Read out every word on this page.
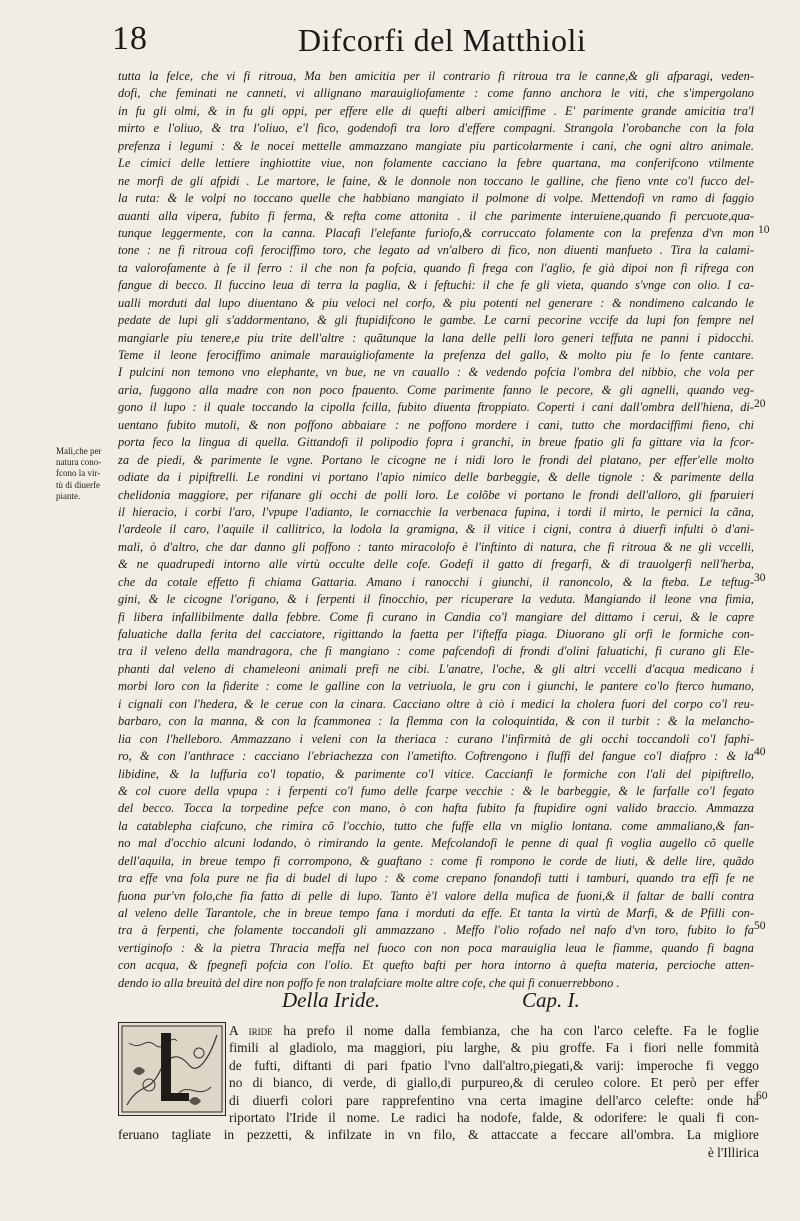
18	Difcorfi del Matthioli
tutta la felce, che vi fi ritroua, Ma ben amicitia per il contrario fi ritroua tra le canne,& gli afparagi, veden-
dofi, che feminati ne canneti, vi allignano marauigliofamente : come fanno anchora le viti, che s'impergolano
in fu gli olmi, & in fu gli oppi, per effere elle di quefti alberi amiciffime . E' parimente grande amicitia tra'l
mirto e l'oliuo, & tra l'oliuo, e'l fico, godendofi tra loro d'effere compagni. Strangola l'orobanche con la fola
prefenza i legumi : & le nocei mettelle ammazzano mangiate piu particolarmente i cani, che ogni altro animale.
Le cimici delle lettiere inghiottite viue, non folamente cacciano la febre quartana, ma conferifcono vtilmente
ne morfi de gli afpidi . Le martore, le faine, & le donnole non toccano le galline, che fieno vnte co'l fucco del-
la ruta: & le volpi no toccano quelle che habbiano mangiato il polmone di volpe. Mettendofi vn ramo di faggio
auanti alla vipera, fubito fi ferma, & refta come attonita . il che parimente interuiene,quando fi percuote,qua-
tunque leggermente, con la canna. Placafi l'elefante furiofo,& corruccato folamente con la prefenza d'vn mon
tone : ne fi ritroua cofi ferociffimo toro, che legato ad vn'albero di fico, non diuenti manfueto . Tira la calami-
ta valorofamente à fe il ferro : il che non fa pofcia, quando fi frega con l'aglio, fe già dipoi non fi rifrega con
fangue di becco. Il fuccino leua di terra la paglia, & i feftuchi: il che fe gli vieta, quando s'vnge con olio. I ca-
ualli morduti dal lupo diuentano & piu veloci nel corfo, & piu potenti nel generare : & nondimeno calcando le
pedate de lupi gli s'addormentano, & gli ftupidifcono le gambe. Le carni pecorine vccife da lupi fon fempre nel
mangiarle piu tenere,e piu trite dell'altre : quãtunque la lana delle pelli loro generi teffuta ne panni i pidocchi.
Teme il leone ferociffimo animale marauigliofamente la prefenza del gallo, & molto piu fe lo fente cantare.
I pulcini non temono vno elephante, vn bue, ne vn cauallo : & vedendo pofcia l'ombra del nibbio, che vola per
aria, fuggono alla madre con non poco fpauento. Come parimente fanno le pecore, & gli agnelli, quando veg-
gono il lupo : il quale toccando la cipolla fcilla, fubito diuenta ftroppiato. Coperti i cani dall'ombra dell'hiena, di-
uentano fubito mutoli, & non poffono abbaiare : ne poffono mordere i cani, tutto che mordaciffimi fieno, chi
porta feco la lingua di quella. Gittandofi il polipodio fopra i granchi, in breue fpatio gli fa gittare via la fcor-
za de piedi, & parimente le vgne. Portano le cicogne ne i nidi loro le frondi del platano, per effer'elle molto
odiate da i pipiftrelli. Le rondini vi portano l'apio nimico delle barbeggie, & delle tignole : & parimente della
chelidonia maggiore, per rifanare gli occhi de polli loro. Le colõbe vi portano le frondi dell'alloro, gli fparuieri
il hieracio, i corbi l'aro, l'vpupe l'adianto, le cornacchie la verbenaca fupina, i tordi il mirto, le pernici la cãna,
l'ardeole il caro, l'aquile il callitrico, la lodola la gramigna, & il vitice i cigni, contra à diuerfi infulti ò d'ani-
mali, ò d'altro, che dar danno gli poffono : tanto miracolofo è l'inftinto di natura, che fi ritroua & ne gli vccelli,
& ne quadrupedi intorno alle virtù occulte delle cofe. Godefi il gatto di fregarfi, & di trauolgerfi nell'herba,
che da cotale effetto fi chiama Gattaria. Amano i ranocchi i giunchi, il ranoncolo, & la fteba. Le teftug-
gini, & le cicogne l'origano, & i ferpenti il finocchio, per ricuperare la veduta. Mangiando il leone vna fimia,
fi libera infallibilmente dalla febbre. Come fi curano in Candia co'l mangiare del dittamo i cerui, & le capre
faluatiche dalla ferita del cacciatore, rigittando la faetta per l'ifteffa piaga. Diuorano gli orfi le formiche con-
tra il veleno della mandragora, che fi mangiano : come pafcendofi di frondi d'olini faluatichi, fi curano gli Ele-
phanti dal veleno di chameleoni animali prefi ne cibi. L'anatre, l'oche, & gli altri vccelli d'acqua medicano i
morbi loro con la fiderite : come le galline con la vetriuola, le gru con i giunchi, le pantere co'lo fterco humano,
i cignali con l'hedera, & le cerue con la cinara. Cacciano oltre à ciò i medici la cholera fuori del corpo co'l reu-
barbaro, con la manna, & con la fcammonea : la flemma con la coloquintida, & con il turbit : & la melancho-
lia con l'helleboro. Ammazzano i veleni con la theriaca : curano l'infirmità de gli occhi toccandoli co'l faphi-
ro, & con l'anthrace : cacciano l'ebriachezza con l'ametifto. Coftrengono i fluffi del fangue co'l diafpro : & la
libidine, & la luffuria co'l topatio, & parimente co'l vitice. Caccianfi le formiche con l'ali del pipiftrello,
& col cuore della vpupa : i ferpenti co'l fumo delle fcarpe vecchie : & le barbeggie, & le farfalle co'l fegato
del becco. Tocca la torpedine pefce con mano, ò con hafta fubito fa ftupidire ogni valido braccio. Ammazza
la catablepha ciafcuno, che rimira cõ l'occhio, tutto che fuffe ella vn miglio lontana. come ammaliano,& fan-
no mal d'occhio alcuni lodando, ò rimirando la gente. Mefcolandofi le penne di qual fi voglia augello cõ quelle
dell'aquila, in breue tempo fi corrompono, & guaftano : come fi rompono le corde de liuti, & delle lire, quãdo
tra effe vna fola pure ne fia di budel di lupo : & come crepano fonandofi tutti i tamburi, quando tra effi fe ne
fuona pur'vn folo,che fia fatto di pelle di lupo. Tanto è'l valore della mufica de fuoni,& il faltar de balli contra
al veleno delle Tarantole, che in breue tempo fana i morduti da effe. Et tanta la virtù de Marfi, & de Pfilli con-
tra à ferpenti, che folamente toccandoli gli ammazzano . Meffo l'olio rofado nel nafo d'vn toro, fubito lo fa
vertiginofo : & la pietra Thracia meffa nel fuoco con non poca marauiglia leua le fiamme, quando fi bagna
con acqua, & fpegnefi pofcia con l'olio. Et quefto bafti per hora intorno à quefta materia, percioche atten-
dendo io alla breuità del dire non poffo fe non tralafciare molte altre cofe, che qui fi conuerrebbono .
Mali,che per
natura cono-
fcono la vir-
tù di diuerfe
piante.
10
20
30
40
50
60
Della Iride.	Cap. I.
A iride ha prefo il nome dalla fembianza, che ha con l'arco celefte. Fa le foglie
fimili al gladiolo, ma maggiori, piu larghe, & piu groffe. Fa i fiori nelle fommità
de fufti, diftanti di pari fpatio l'vno dall'altro,piegati,& varij: imperoche fi veggo
no di bianco, di verde, di giallo,di purpureo,& di ceruleo colore. Et però per effer
di diuerfi colori pare rapprefentino vna certa imagine dell'arco celefte: onde ha
riportato l'Iride il nome. Le radici ha nodofe, falde, & odorifere: le quali fi con-
feruano tagliate in pezzetti, & infilzate in vn filo, & attaccate a feccare all'ombra. La migliore
è l'Illirica
